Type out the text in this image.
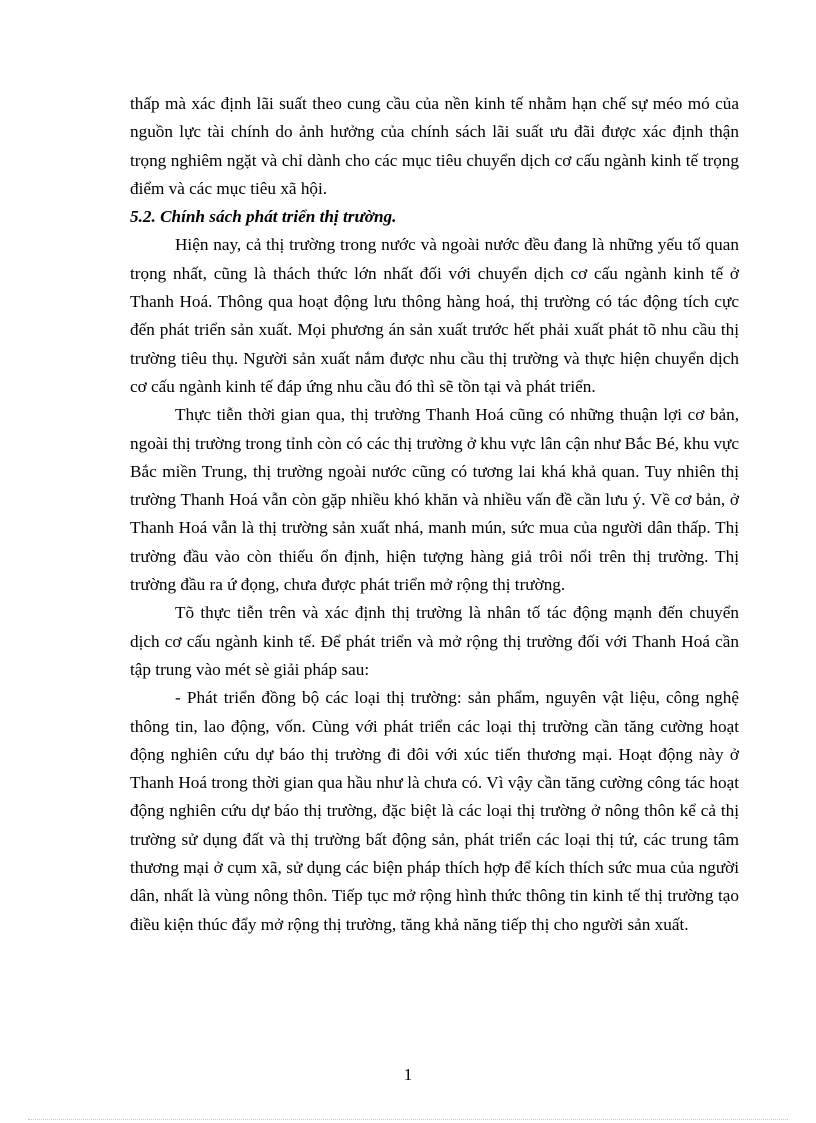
thấp mà xác định lãi suất theo cung cầu của nền kinh tế nhằm hạn chế sự méo mó của nguồn lực tài chính do ảnh hưởng của chính sách lãi suất ưu đãi được xác định thận trọng nghiêm ngặt và chỉ dành cho các mục tiêu chuyển dịch cơ cấu ngành kinh tế trọng điểm và các mục tiêu xã hội.

5.2. Chính sách phát triển thị trường.

Hiện nay, cả thị trường trong nước và ngoài nước đều đang là những yếu tố quan trọng nhất, cũng là thách thức lớn nhất đối với chuyển dịch cơ cấu ngành kinh tế ở Thanh Hoá. Thông qua hoạt động lưu thông hàng hoá, thị trường có tác động tích cực đến phát triển sản xuất. Mọi phương án sản xuất trước hết phải xuất phát tõ nhu cầu thị trường tiêu thụ. Người sản xuất nắm được nhu cầu thị trường và thực hiện chuyển dịch cơ cấu ngành kinh tế đáp ứng nhu cầu đó thì sẽ tồn tại và phát triển.

Thực tiễn thời gian qua, thị trường Thanh Hoá cũng có những thuận lợi cơ bản, ngoài thị trường trong tỉnh còn có các thị trường ở khu vực lân cận như Bắc Bé, khu vực Bắc miền Trung, thị trường ngoài nước cũng có tương lai khá khả quan. Tuy nhiên thị trường Thanh Hoá vẫn còn gặp nhiều khó khăn và nhiều vấn đề cần lưu ý. Về cơ bản, ở Thanh Hoá vẫn là thị trường sản xuất nhá, manh mún, sức mua của người dân thấp. Thị trường đầu vào còn thiếu ổn định, hiện tượng hàng giả trôi nổi trên thị trường. Thị trường đầu ra ứ đọng, chưa được phát triển mở rộng thị trường.

Tõ thực tiễn trên và xác định thị trường là nhân tố tác động mạnh đến chuyển dịch cơ cấu ngành kinh tế. Để phát triển và mở rộng thị trường đối với Thanh Hoá cần tập trung vào mét sè giải pháp sau:

- Phát triển đồng bộ các loại thị trường: sản phẩm, nguyên vật liệu, công nghệ thông tin, lao động, vốn. Cùng với phát triển các loại thị trường cần tăng cường hoạt động nghiên cứu dự báo thị trường đi đôi với xúc tiến thương mại. Hoạt động này ở Thanh Hoá trong thời gian qua hầu như là chưa có. Vì vậy cần tăng cường công tác hoạt động nghiên cứu dự báo thị trường, đặc biệt là các loại thị trường ở nông thôn kể cả thị trường sử dụng đất và thị trường bất động sản, phát triển các loại thị tứ, các trung tâm thương mại ở cụm xã, sử dụng các biện pháp thích hợp để kích thích sức mua của người dân, nhất là vùng nông thôn. Tiếp tục mở rộng hình thức thông tin kinh tế thị trường tạo điều kiện thúc đẩy mở rộng thị trường, tăng khả năng tiếp thị cho người sản xuất.

1
